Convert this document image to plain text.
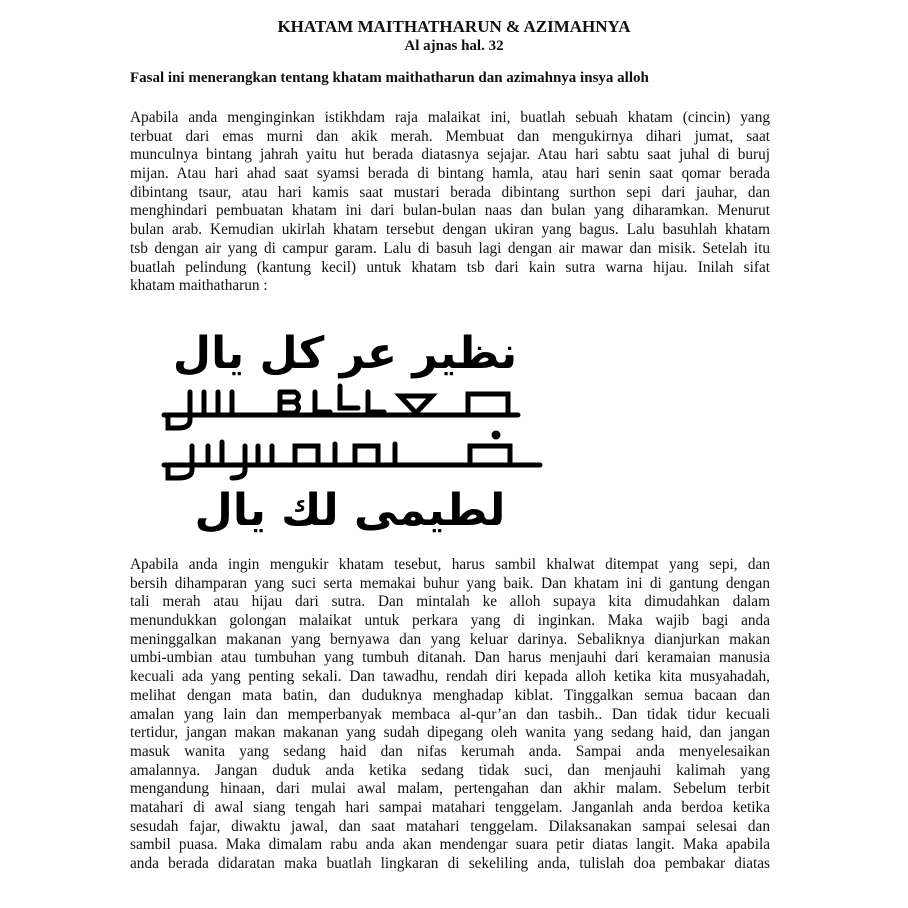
KHATAM MAITHATHARUN & AZIMAHNYA
Al ajnas hal. 32
Fasal ini menerangkan tentang khatam maithatharun dan azimahnya insya alloh
Apabila anda menginginkan istikhdam raja malaikat ini, buatlah sebuah khatam (cincin) yang
terbuat dari emas murni dan akik merah. Membuat dan mengukirnya dihari jumat, saat
munculnya bintang jahrah yaitu hut berada diatasnya sejajar. Atau hari sabtu saat juhal di buruj
mijan. Atau hari ahad saat syamsi berada di bintang hamla, atau hari senin saat qomar berada
dibintang tsaur, atau hari kamis saat mustari berada dibintang surthon sepi dari jauhar, dan
menghindari pembuatan khatam ini dari bulan-bulan naas dan bulan yang diharamkan. Menurut
bulan arab. Kemudian ukirlah khatam tersebut dengan ukiran yang bagus. Lalu basuhlah khatam
tsb dengan air yang di campur garam. Lalu di basuh lagi dengan air mawar dan misik. Setelah itu
buatlah pelindung (kantung kecil) untuk khatam tsb dari kain sutra warna hijau. Inilah sifat
khatam maithatharun :
نظير عر كل يال
لطيمى لك يال
Apabila anda ingin mengukir khatam tesebut, harus sambil khalwat ditempat yang sepi, dan
bersih dihamparan yang suci serta memakai buhur yang baik. Dan khatam ini di gantung dengan
tali merah atau hijau dari sutra. Dan mintalah ke alloh supaya kita dimudahkan dalam
menundukkan golongan malaikat untuk perkara yang di inginkan. Maka wajib bagi anda
meninggalkan makanan yang bernyawa dan yang keluar darinya. Sebaliknya dianjurkan makan
umbi-umbian atau tumbuhan yang tumbuh ditanah. Dan harus menjauhi dari keramaian manusia
kecuali ada yang penting sekali. Dan tawadhu, rendah diri kepada alloh ketika kita musyahadah,
melihat dengan mata batin, dan duduknya menghadap kiblat. Tinggalkan semua bacaan dan
amalan yang lain dan memperbanyak membaca al-qur’an dan tasbih.. Dan tidak tidur kecuali
tertidur, jangan makan makanan yang sudah dipegang oleh wanita yang sedang haid, dan jangan
masuk wanita yang sedang haid dan nifas kerumah anda. Sampai anda menyelesaikan
amalannya. Jangan duduk anda ketika sedang tidak suci, dan menjauhi kalimah yang
mengandung hinaan, dari mulai awal malam, pertengahan dan akhir malam. Sebelum terbit
matahari di awal siang tengah hari sampai matahari tenggelam. Janganlah anda berdoa ketika
sesudah fajar, diwaktu jawal, dan saat matahari tenggelam. Dilaksanakan sampai selesai dan
sambil puasa. Maka dimalam rabu anda akan mendengar suara petir diatas langit. Maka apabila
anda berada didaratan maka buatlah lingkaran di sekeliling anda, tulislah doa pembakar diatas
